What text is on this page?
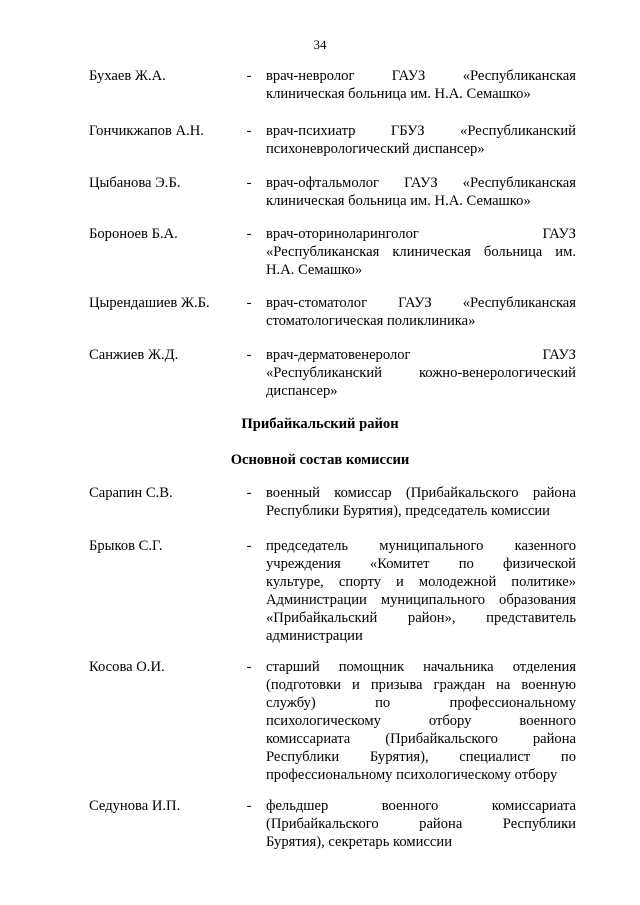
34
Бухаев Ж.А.	- врач-невролог ГАУЗ «Республиканская
клиническая больница им. Н.А. Семашко»
Гончикжапов А.Н.	- врач-психиатр ГБУЗ «Республиканский
психоневрологический диспансер»
Цыбанова Э.Б.	- врач-офтальмолог ГАУЗ «Республиканская
клиническая больница им. Н.А. Семашко»
Бороноев Б.А.	- врач-оториноларинголог ГАУЗ
«Республиканская клиническая больница им.
Н.А. Семашко»
Цырендашиев Ж.Б.	- врач-стоматолог ГАУЗ «Республиканская
стоматологическая поликлиника»
Санжиев Ж.Д.	- врач-дерматовенеролог ГАУЗ
«Республиканский кожно-венерологический
диспансер»
Прибайкальский район
Основной состав комиссии
Сарапин С.В.	- военный комиссар (Прибайкальского района
Республики Бурятия), председатель комиссии
Брыков С.Г.	- председатель муниципального казенного
учреждения «Комитет по физической
культуре, спорту и молодежной политике»
Администрации муниципального образования
«Прибайкальский район», представитель
администрации
Косова О.И.	- старший помощник начальника отделения
(подготовки и призыва граждан на военную
службу) по профессиональному
психологическому отбору военного
комиссариата (Прибайкальского района
Республики Бурятия), специалист по
профессиональному психологическому отбору
Седунова И.П.	- фельдшер военного комиссариата
(Прибайкальского района Республики
Бурятия), секретарь комиссии
